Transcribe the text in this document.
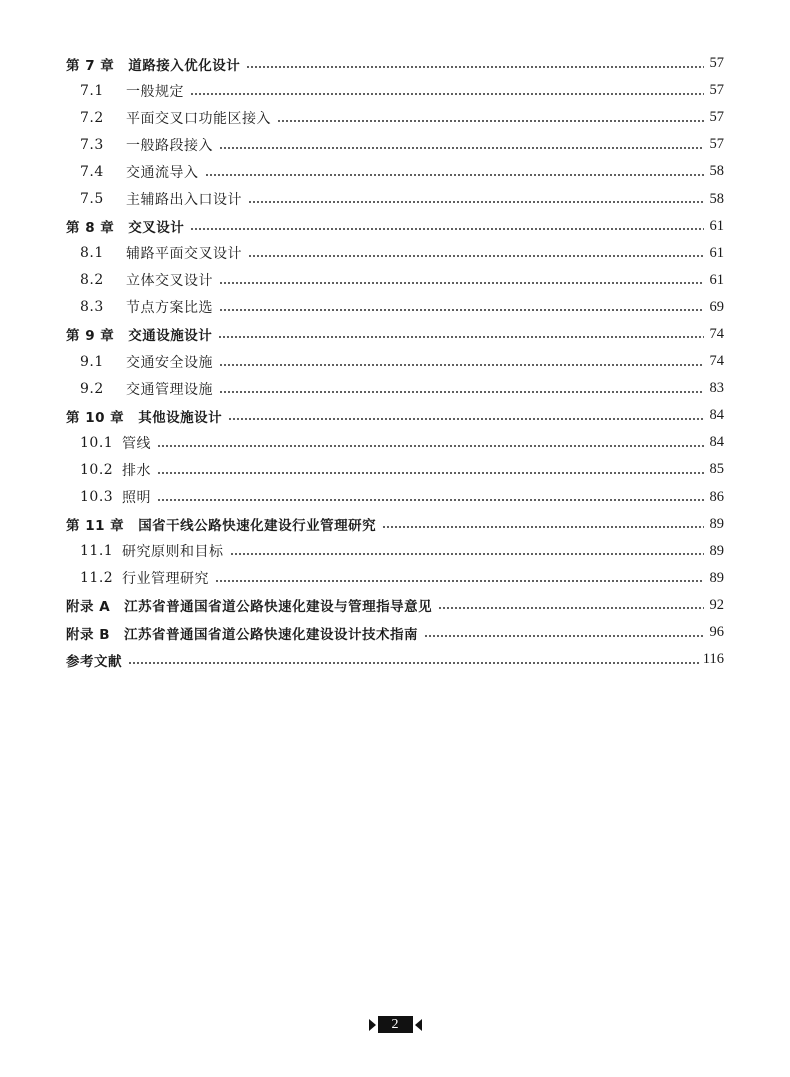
第 7 章 道路接入优化设计	57
7.1	一般规定	57
7.2	平面交叉口功能区接入	57
7.3	一般路段接入	57
7.4	交通流导入	58
7.5	主辅路出入口设计	58
第 8 章 交叉设计	61
8.1	辅路平面交叉设计	61
8.2	立体交叉设计	61
8.3	节点方案比选	69
第 9 章 交通设施设计	74
9.1	交通安全设施	74
9.2	交通管理设施	83
第 10 章 其他设施设计	84
10.1 管线	84
10.2 排水	85
10.3 照明	86
第 11 章 国省干线公路快速化建设行业管理研究	89
11.1 研究原则和目标	89
11.2 行业管理研究	89
附录 A 江苏省普通国省道公路快速化建设与管理指导意见	92
附录 B 江苏省普通国省道公路快速化建设设计技术指南	96
参考文献	116
2
